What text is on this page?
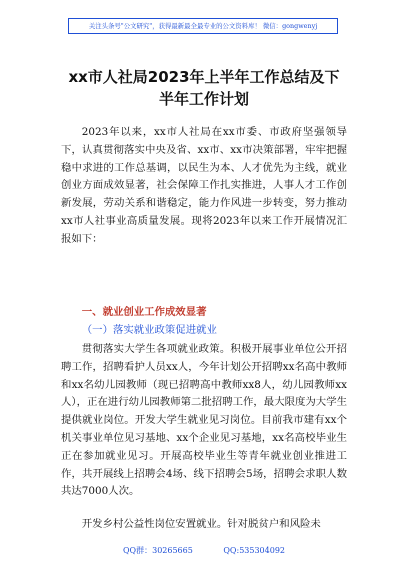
关注头条号"公文研究"，获得最新最全最专业的公文资料库！ 微信：gongwenyj
xx市人社局2023年上半年工作总结及下
半年工作计划

2023年以来，xx市人社局在xx市委、市政府坚强领导下，认真贯彻落实中央及省、xx市、xx市决策部署，牢牢把握稳中求进的工作总基调，以民生为本、人才优先为主线，就业创业方面成效显著，社会保障工作扎实推进，人事人才工作创新发展，劳动关系和谐稳定，能力作风进一步转变，努力推动xx市人社事业高质量发展。现将2023年以来工作开展情况汇报如下：

一、就业创业工作成效显著

（一）落实就业政策促进就业

贯彻落实大学生各项就业政策。积极开展事业单位公开招聘工作，招聘看护人员xx人，今年计划公开招聘xx名高中教师和xx名幼儿园教师（现已招聘高中教师xx8人，幼儿园教师xx人），正在进行幼儿园教师第二批招聘工作，最大限度为大学生提供就业岗位。开发大学生就业见习岗位。目前我市建有xx个机关事业单位见习基地、xx个企业见习基地，xx名高校毕业生正在参加就业见习。开展高校毕业生等青年就业创业推进工作，共开展线上招聘会4场、线下招聘会5场，招聘会求职人数共达7000人次。

开发乡村公益性岗位安置就业。针对脱贫户和风险未

QQ群：30265665	QQ:535304092
